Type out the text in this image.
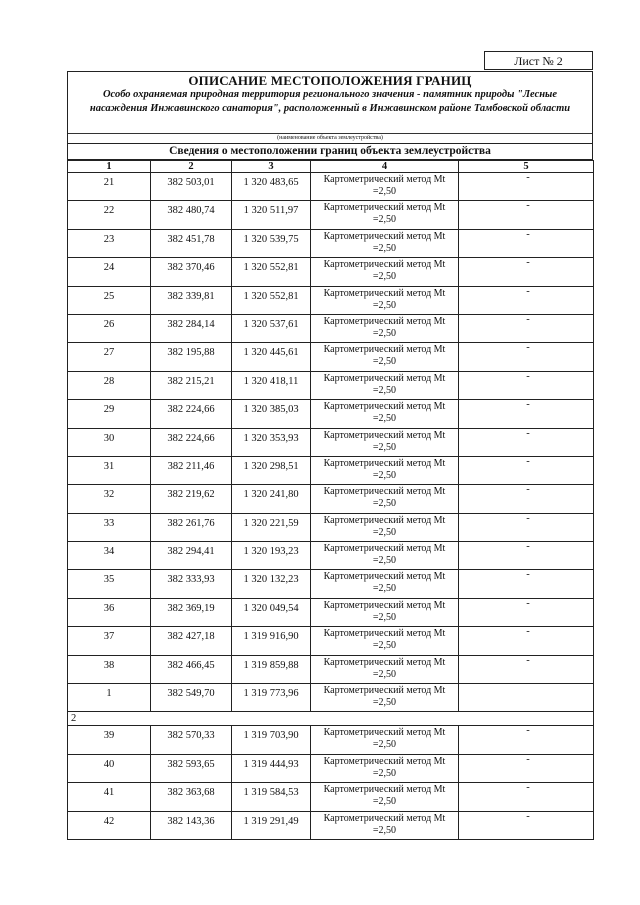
Лист № 2
ОПИСАНИЕ МЕСТОПОЛОЖЕНИЯ ГРАНИЦ
Особо охраняемая природная территория регионального значения - памятник природы "Лесные насаждения Инжавинского санатория", расположенный в Инжавинском районе Тамбовской области
(наименование объекта землеустройства)
Сведения о местоположении границ объекта землеустройства
1	2	3	4	5

21	382 503,01	1 320 483,65	Картометрический метод Mt =2,50	-

22	382 480,74	1 320 511,97	Картометрический метод Mt =2,50	-

23	382 451,78	1 320 539,75	Картометрический метод Mt =2,50	-

24	382 370,46	1 320 552,81	Картометрический метод Mt =2,50	-

25	382 339,81	1 320 552,81	Картометрический метод Mt =2,50	-

26	382 284,14	1 320 537,61	Картометрический метод Mt =2,50	-

27	382 195,88	1 320 445,61	Картометрический метод Mt =2,50	-

28	382 215,21	1 320 418,11	Картометрический метод Mt =2,50	-

29	382 224,66	1 320 385,03	Картометрический метод Mt =2,50	-

30	382 224,66	1 320 353,93	Картометрический метод Mt =2,50	-

31	382 211,46	1 320 298,51	Картометрический метод Mt =2,50	-

32	382 219,62	1 320 241,80	Картометрический метод Mt =2,50	-

33	382 261,76	1 320 221,59	Картометрический метод Mt =2,50	-

34	382 294,41	1 320 193,23	Картометрический метод Mt =2,50	-

35	382 333,93	1 320 132,23	Картометрический метод Mt =2,50	-

36	382 369,19	1 320 049,54	Картометрический метод Mt =2,50	-

37	382 427,18	1 319 916,90	Картометрический метод Mt =2,50	-

38	382 466,45	1 319 859,88	Картометрический метод Mt =2,50	-

1	382 549,70	1 319 773,96	Картометрический метод Mt =2,50	

2				

39	382 570,33	1 319 703,90	Картометрический метод Mt =2,50	-

40	382 593,65	1 319 444,93	Картометрический метод Mt =2,50	-

41	382 363,68	1 319 584,53	Картометрический метод Mt =2,50	-

42	382 143,36	1 319 291,49	Картометрический метод Mt =2,50	-
